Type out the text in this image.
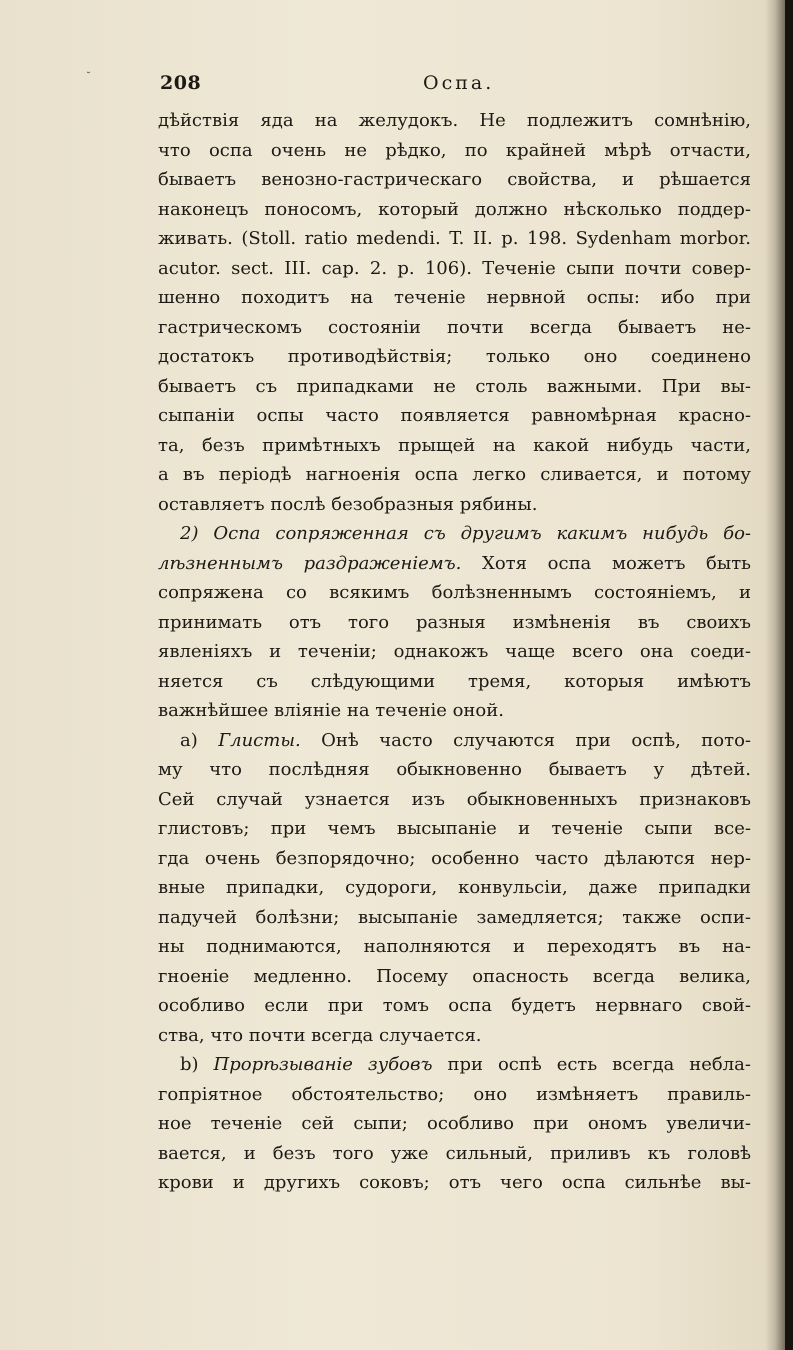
˘	208	Оспа.
дѣйствія яда на желудокъ. Не подлежитъ сомнѣнію,
что оспа очень не рѣдко, по крайней мѣрѣ отчасти,
бываетъ венозно-гастрическаго свойства, и рѣшается
наконецъ поносомъ, который должно нѣсколько поддер-
живать. (Stoll. ratio medendi. T. II. p. 198. Sydenham morbor.
acutor. sect. III. cap. 2. p. 106). Теченіе сыпи почти совер-
шенно походитъ на теченіе нервной оспы: ибо при
гастрическомъ состояніи почти всегда бываетъ не-
достатокъ противодѣйствія; только оно соединено
бываетъ съ припадками не столь важными. При вы-
сыпаніи оспы часто появляется равномѣрная красно-
та, безъ примѣтныхъ прыщей на какой нибудь части,
а въ періодѣ нагноенія оспа легко сливается, и потому
оставляетъ послѣ безобразныя рябины.
2) Оспа сопряженная съ другимъ какимъ нибудь бо-
лѣзненнымъ раздраженіемъ. Хотя оспа можетъ быть
сопряжена со всякимъ болѣзненнымъ состояніемъ, и
принимать отъ того разныя измѣненія въ своихъ
явленіяхъ и теченіи; однакожъ чаще всего она соеди-
няется съ слѣдующими тремя, которыя имѣютъ
важнѣйшее вліяніе на теченіе оной.
a) Глисты. Онѣ часто случаются при оспѣ, пото-
му что послѣдняя обыкновенно бываетъ у дѣтей.
Сей случай узнается изъ обыкновенныхъ признаковъ
глистовъ; при чемъ высыпаніе и теченіе сыпи все-
гда очень безпорядочно; особенно часто дѣлаются нер-
вные припадки, судороги, конвульсіи, даже припадки
падучей болѣзни; высыпаніе замедляется; также оспи-
ны поднимаются, наполняются и переходятъ въ на-
гноеніе медленно. Посему опасность всегда велика,
особливо если при томъ оспа будетъ нервнаго свой-
ства, что почти всегда случается.
b) Прорѣзываніе зубовъ при оспѣ есть всегда небла-
гопріятное обстоятельство; оно измѣняетъ правиль-
ное теченіе сей сыпи; особливо при ономъ увеличи-
вается, и безъ того уже сильный, приливъ къ головѣ
крови и другихъ соковъ; отъ чего оспа сильнѣе вы-
